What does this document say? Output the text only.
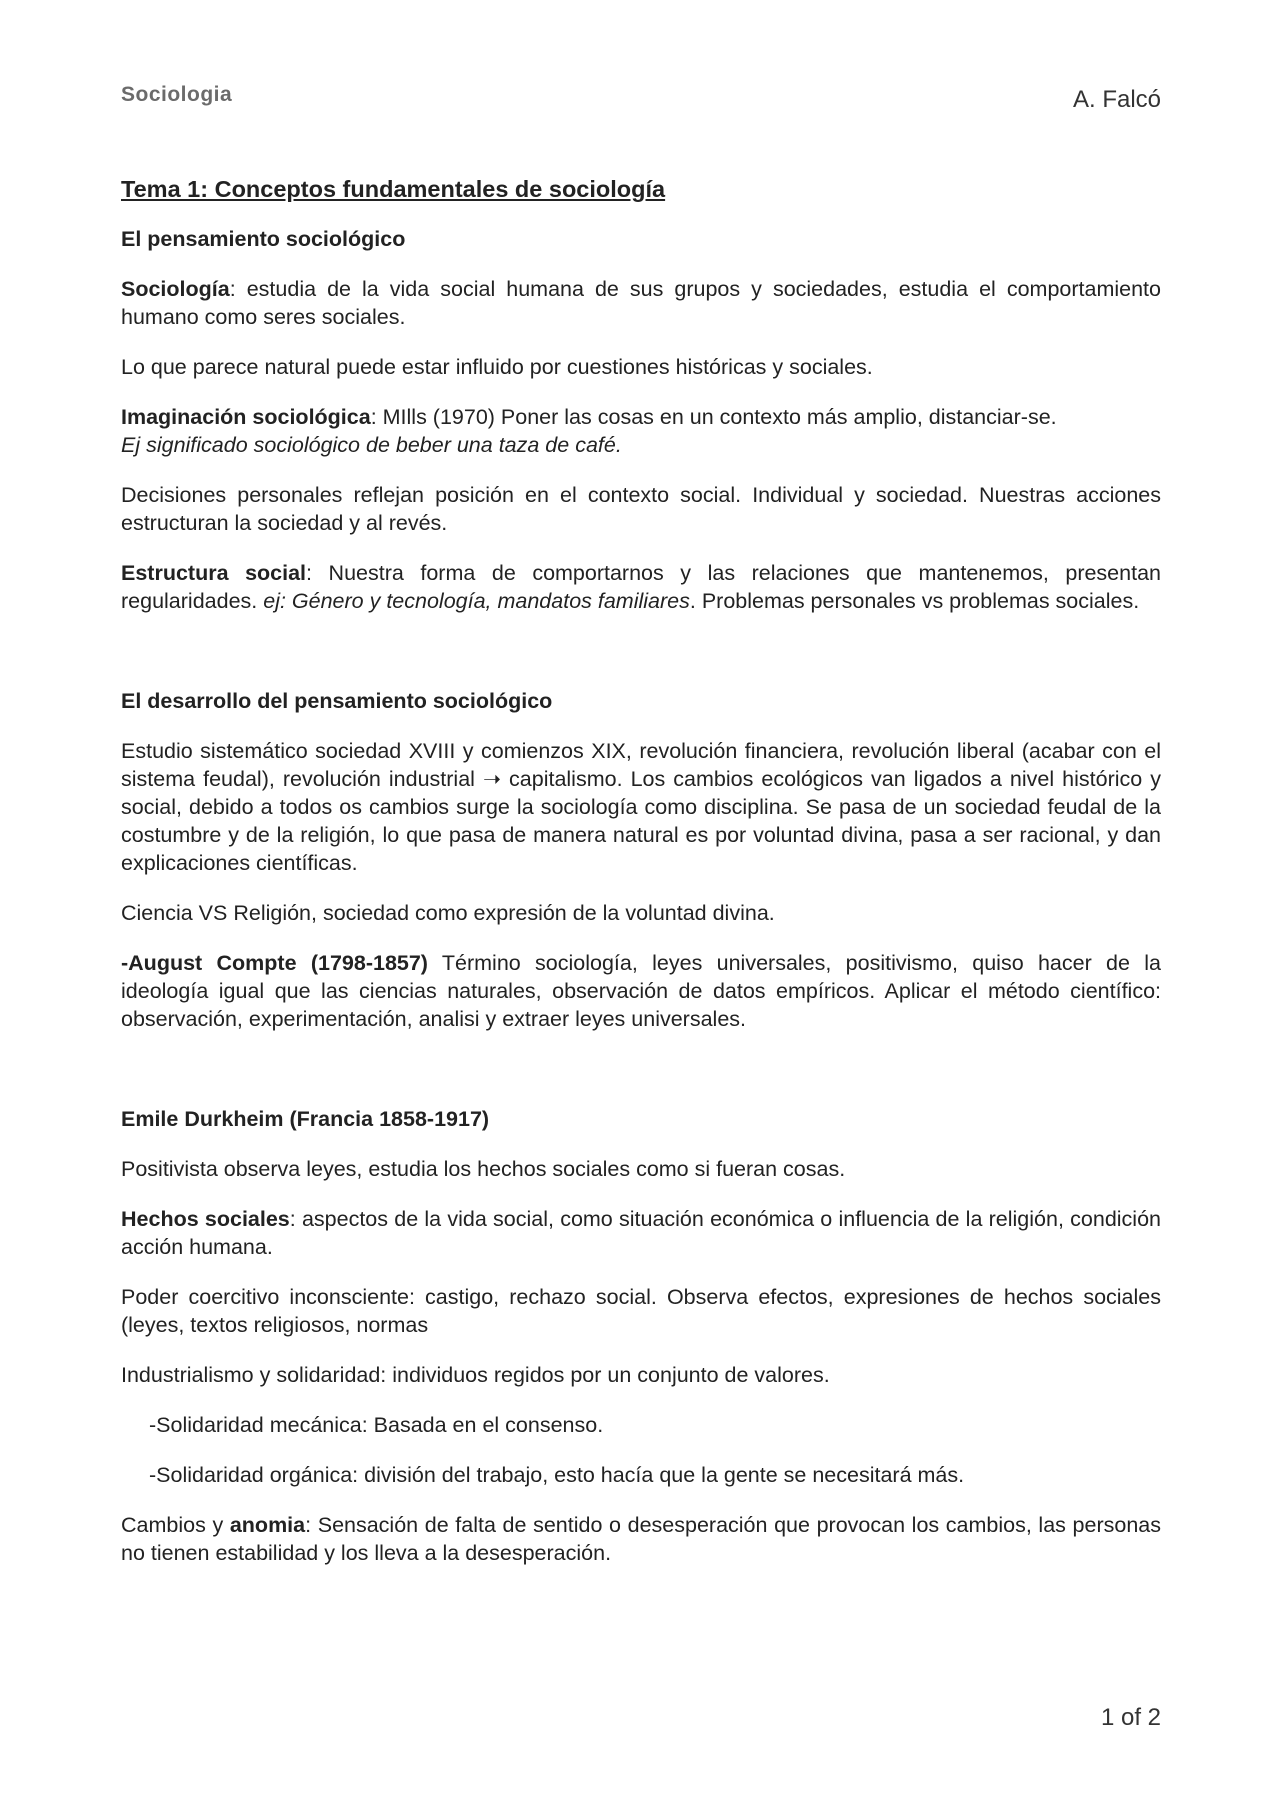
Sociologia	A. Falcó
Tema 1: Conceptos fundamentales de sociología
El pensamiento sociológico

Sociología: estudia de la vida social humana de sus grupos y sociedades, estudia el comportamiento humano como seres sociales.

Lo que parece natural puede estar influido por cuestiones históricas y sociales.

Imaginación sociológica: MIlls (1970) Poner las cosas en un contexto más amplio, distanciar-se.
Ej significado sociológico de beber una taza de café.

Decisiones personales reflejan posición en el contexto social. Individual y sociedad. Nuestras acciones estructuran la sociedad y al revés.

Estructura social: Nuestra forma de comportarnos y las relaciones que mantenemos, presentan regularidades. ej: Género y tecnología, mandatos familiares. Problemas personales vs problemas sociales.

El desarrollo del pensamiento sociológico

Estudio sistemático sociedad XVIII y comienzos XIX, revolución financiera, revolución liberal (acabar con el sistema feudal), revolución industrial ➝ capitalismo. Los cambios ecológicos van ligados a nivel histórico y social, debido a todos os cambios surge la sociología como disciplina. Se pasa de un sociedad feudal de la costumbre y de la religión, lo que pasa de manera natural es por voluntad divina, pasa a ser racional, y dan explicaciones científicas.

Ciencia VS Religión, sociedad como expresión de la voluntad divina.

-August Compte (1798-1857) Término sociología, leyes universales, positivismo, quiso hacer de la ideología igual que las ciencias naturales, observación de datos empíricos. Aplicar el método científico: observación, experimentación, analisi y extraer leyes universales.

Emile Durkheim (Francia 1858-1917)

Positivista observa leyes, estudia los hechos sociales como si fueran cosas.

Hechos sociales: aspectos de la vida social, como situación económica o influencia de la religión, condición acción humana.

Poder coercitivo inconsciente: castigo, rechazo social. Observa efectos, expresiones de hechos sociales (leyes, textos religiosos, normas

Industrialismo y solidaridad: individuos regidos por un conjunto de valores.

-Solidaridad mecánica: Basada en el consenso.

-Solidaridad orgánica: división del trabajo, esto hacía que la gente se necesitará más.

Cambios y anomia: Sensación de falta de sentido o desesperación que provocan los cambios, las personas no tienen estabilidad y los lleva a la desesperación.

1 of 2
